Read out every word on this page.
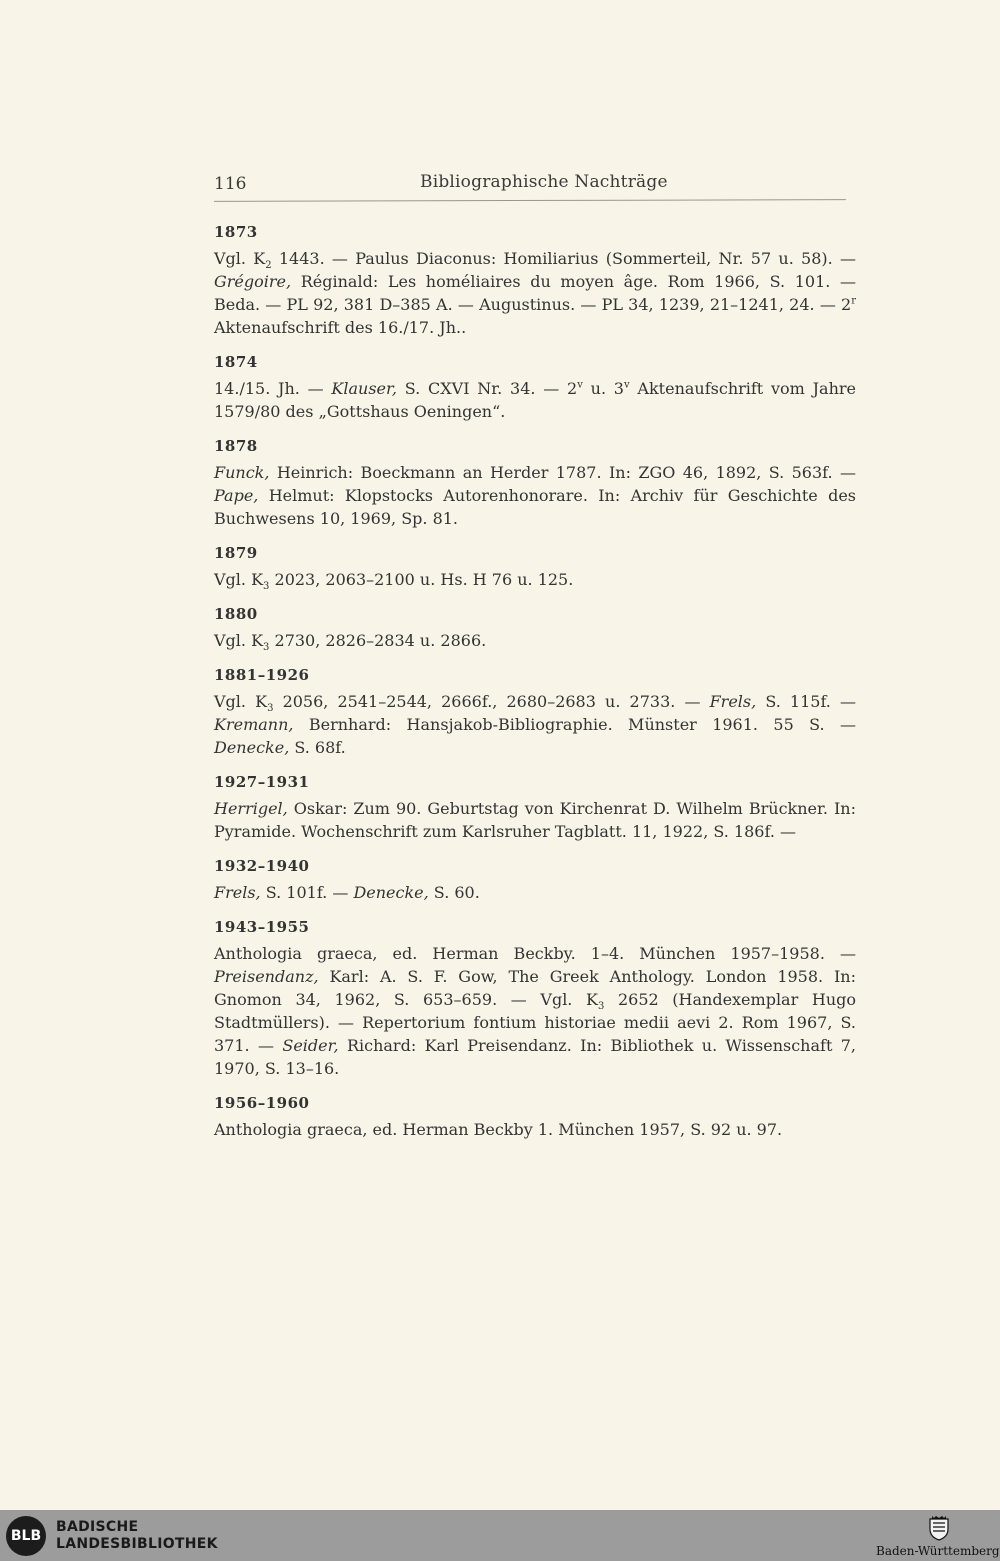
116	Bibliographische Nachträge
1873
Vgl. $K_2$ 1443. — Paulus Diaconus: Homiliarius (Sommerteil, Nr. 57 u. 58). — Grégoire, Réginald: Les homéliaires du moyen âge. Rom 1966, S. 101. — Beda. — PL 92, 381 D–385 A. — Augustinus. — PL 34, 1239, 21–1241, 24. — 2$^r$ Aktenaufschrift des 16./17. Jh..
1874
14./15. Jh. — Klauser, S. CXVI Nr. 34. — 2$^v$ u. 3$^v$ Aktenaufschrift vom Jahre 1579/80 des „Gottshaus Oeningen“.
1878
Funck, Heinrich: Boeckmann an Herder 1787. In: ZGO 46, 1892, S. 563f. — Pape, Helmut: Klopstocks Autorenhonorare. In: Archiv für Geschichte des Buchwesens 10, 1969, Sp. 81.
1879
Vgl. $K_3$ 2023, 2063–2100 u. Hs. H 76 u. 125.
1880
Vgl. $K_3$ 2730, 2826–2834 u. 2866.
1881–1926
Vgl. $K_3$ 2056, 2541–2544, 2666f., 2680–2683 u. 2733. — Frels, S. 115f. — Kremann, Bernhard: Hansjakob-Bibliographie. Münster 1961. 55 S. — Denecke, S. 68f.
1927–1931
Herrigel, Oskar: Zum 90. Geburtstag von Kirchenrat D. Wilhelm Brückner. In: Pyramide. Wochenschrift zum Karlsruher Tagblatt. 11, 1922, S. 186f. —
1932–1940
Frels, S. 101f. — Denecke, S. 60.
1943–1955
Anthologia graeca, ed. Herman Beckby. 1–4. München 1957–1958. — Preisendanz, Karl: A. S. F. Gow, The Greek Anthology. London 1958. In: Gnomon 34, 1962, S. 653–659. — Vgl. $K_3$ 2652 (Handexemplar Hugo Stadtmüllers). — Repertorium fontium historiae medii aevi 2. Rom 1967, S. 371. — Seider, Richard: Karl Preisendanz. In: Bibliothek u. Wissenschaft 7, 1970, S. 13–16.
1956–1960
Anthologia graeca, ed. Herman Beckby 1. München 1957, S. 92 u. 97.
BLB
BADISCHE
LANDESBIBLIOTHEK	Baden-Württemberg
